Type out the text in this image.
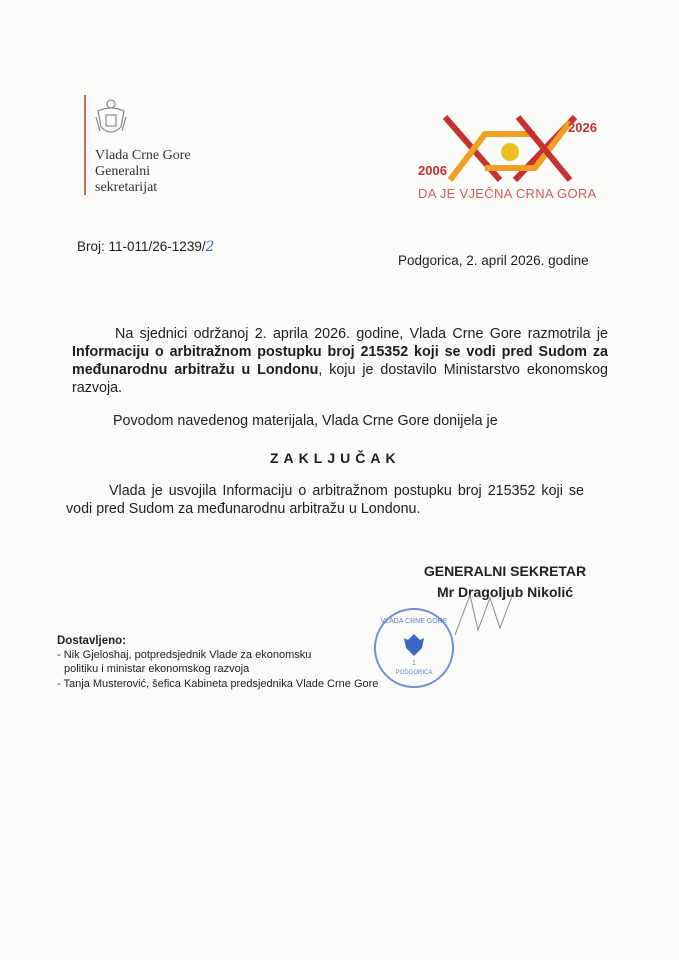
Vlada Crne Gore
Generalni
sekretarijat
2026
2006
DA JE VJEČNA CRNA GORA
Broj: 11-011/26-1239/2
Podgorica, 2. april 2026. godine
Na sjednici održanoj 2. aprila 2026. godine, Vlada Crne Gore razmotrila je Informaciju o arbitražnom postupku broj 215352 koji se vodi pred Sudom za međunarodnu arbitražu u Londonu, koju je dostavilo Ministarstvo ekonomskog razvoja.
Povodom navedenog materijala, Vlada Crne Gore donijela je
ZAKLJUČAK
Vlada je usvojila Informaciju o arbitražnom postupku broj 215352 koji se vodi pred Sudom za međunarodnu arbitražu u Londonu.
GENERALNI SEKRETAR
Mr Dragoljub Nikolić
VLADA CRNE GORE
1
PODGORICA
Dostavljeno:
- Nik Gjeloshaj, potpredsjednik Vlade za ekonomsku
politiku i ministar ekonomskog razvoja
- Tanja Musterović, šefica Kabineta predsjednika Vlade Crne Gore
